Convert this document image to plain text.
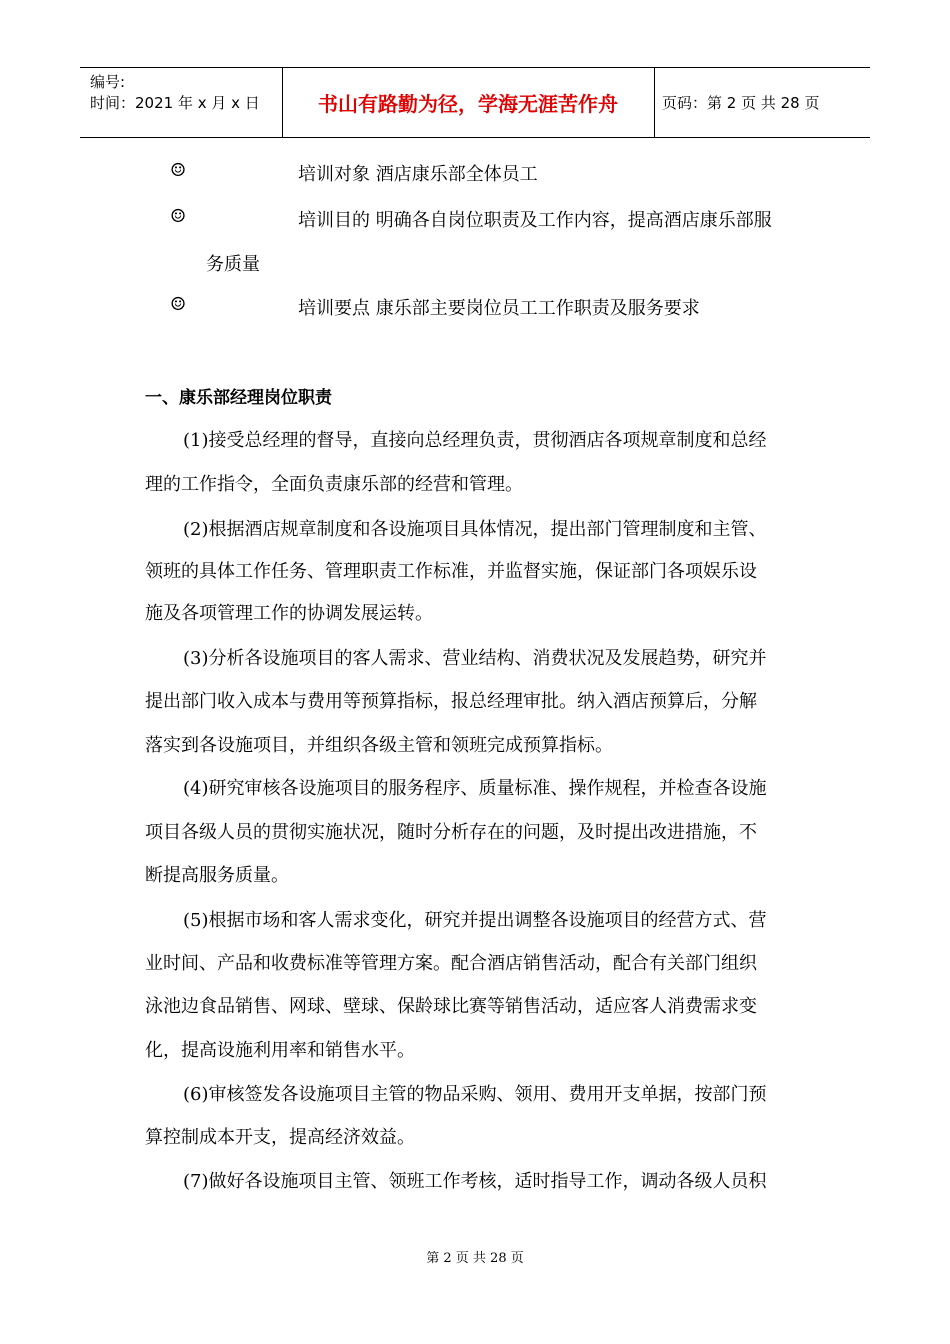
编号:
时间：2021 年 x 月 x 日	书山有路勤为径，学海无涯苦作舟	页码：第 2 页 共 28 页
☺	培训对象 酒店康乐部全体员工
☺	培训目的 明确各自岗位职责及工作内容，提高酒店康乐部服
务质量
☺	培训要点 康乐部主要岗位员工工作职责及服务要求
一、康乐部经理岗位职责
(1)接受总经理的督导，直接向总经理负责，贯彻酒店各项规章制度和总经
理的工作指令，全面负责康乐部的经营和管理。
(2)根据酒店规章制度和各设施项目具体情况，提出部门管理制度和主管、
领班的具体工作任务、管理职责工作标准，并监督实施，保证部门各项娱乐设
施及各项管理工作的协调发展运转。
(3)分析各设施项目的客人需求、营业结构、消费状况及发展趋势，研究并
提出部门收入成本与费用等预算指标，报总经理审批。纳入酒店预算后，分解
落实到各设施项目，并组织各级主管和领班完成预算指标。
(4)研究审核各设施项目的服务程序、质量标准、操作规程，并检查各设施
项目各级人员的贯彻实施状况，随时分析存在的问题，及时提出改进措施，不
断提高服务质量。
(5)根据市场和客人需求变化，研究并提出调整各设施项目的经营方式、营
业时间、产品和收费标准等管理方案。配合酒店销售活动，配合有关部门组织
泳池边食品销售、网球、壁球、保龄球比赛等销售活动，适应客人消费需求变
化，提高设施利用率和销售水平。
(6)审核签发各设施项目主管的物品采购、领用、费用开支单据，按部门预
算控制成本开支，提高经济效益。
(7)做好各设施项目主管、领班工作考核，适时指导工作，调动各级人员积
第 2 页 共 28 页
